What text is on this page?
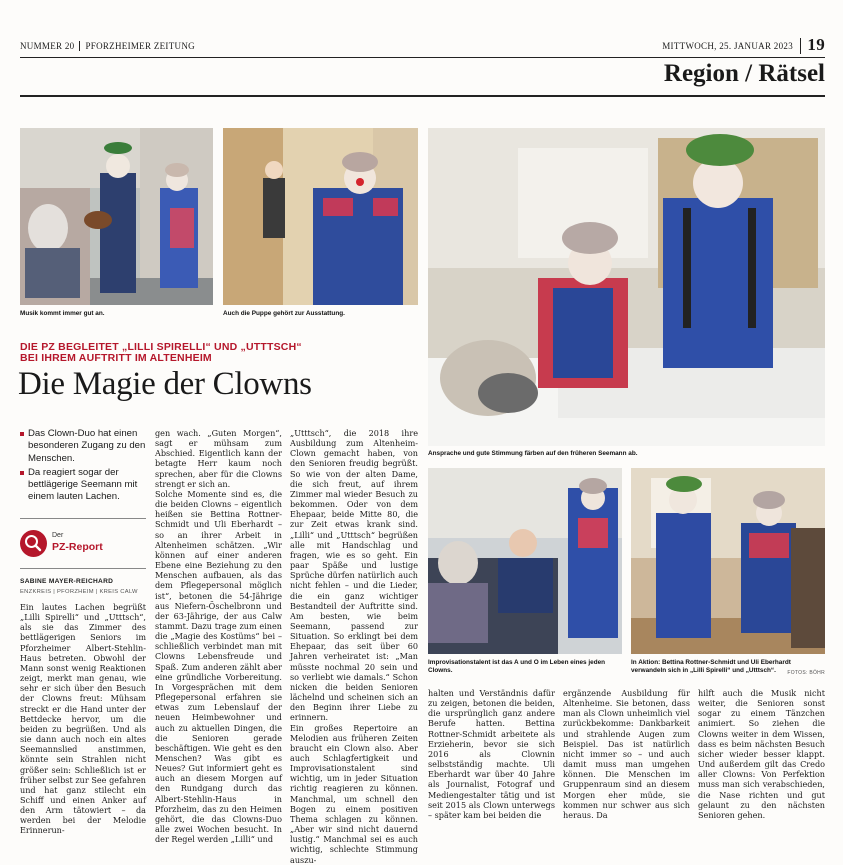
NUMMER 20 PFORZHEIMER ZEITUNG	MITTWOCH, 25. JANUAR 2023 19
Region / Rätsel
Musik kommt immer gut an.	Auch die Puppe gehört zur Ausstattung.
Ansprache und gute Stimmung färben auf den früheren Seemann ab.
Improvisationstalent ist das A und O im Leben eines jeden
Clowns.
In Aktion: Bettina Rottner-Schmidt und Uli Eberhardt
verwandeln sich in „Lilli Spirelli“ und „Utttsch“.	FOTOS: BÖHR
DIE PZ BEGLEITET „LILLI SPIRELLI“ UND „UTTTSCH“
BEI IHREM AUFTRITT IM ALTENHEIM
Die Magie der Clowns
Das Clown-Duo hat einen besonderen Zugang zu den Menschen.
Da reagiert sogar der bettlägerige Seemann mit einem lauten Lachen.
Der
PZ-Report
SABINE MAYER-REICHARD
ENZKREIS | PFORZHEIM | KREIS CALW
Ein lautes Lachen begrüßt „Lilli Spirelli“ und „Utttsch“, als sie das Zimmer des bettlägerigen Seniors im Pforzheimer Albert-Stehlin-Haus betreten. Obwohl der Mann sonst wenig Reaktionen zeigt, merkt man genau, wie sehr er sich über den Besuch der Clowns freut: Mühsam streckt er die Hand unter der Bettdecke hervor, um die beiden zu begrüßen. Und als sie dann auch noch ein altes Seemannslied anstimmen, könnte sein Strahlen nicht größer sein: Schließlich ist er früher selbst zur See gefahren und hat ganz stilecht ein Schiff und einen Anker auf den Arm tätowiert – da werden bei der Melodie Erinnerun-
gen wach. „Guten Morgen“, sagt er mühsam zum Abschied. Eigentlich kann der betagte Herr kaum noch sprechen, aber für die Clowns strengt er sich an.
Solche Momente sind es, die die beiden Clowns – eigentlich heißen sie Bettina Rottner-Schmidt und Uli Eberhardt – so an ihrer Arbeit in Altenheimen schätzen. „Wir können auf einer anderen Ebene eine Beziehung zu den Menschen aufbauen, als das dem Pflegepersonal möglich ist“, betonen die 54-Jährige aus Niefern-Öschelbronn und der 63-Jährige, der aus Calw stammt. Dazu trage zum einen die „Magie des Kostüms“ bei – schließlich verbindet man mit Clowns Lebensfreude und Spaß. Zum anderen zählt aber eine gründliche Vorbereitung. In Vorgesprächen mit dem Pflegepersonal erfahren sie etwas zum Lebenslauf der neuen Heimbewohner und auch zu aktuellen Dingen, die die Senioren gerade beschäftigen. Wie geht es den Menschen? Was gibt es Neues? Gut informiert geht es auch an diesem Morgen auf den Rundgang durch das Albert-Stehlin-Haus in Pforzheim, das zu den Heimen gehört, die das Clowns-Duo alle zwei Wochen besucht. In der Regel werden „Lilli“ und
„Utttsch“, die 2018 ihre Ausbildung zum Altenheim-Clown gemacht haben, von den Senioren freudig begrüßt. So wie von der alten Dame, die sich freut, auf ihrem Zimmer mal wieder Besuch zu bekommen. Oder von dem Ehepaar, beide Mitte 80, die zur Zeit etwas krank sind. „Lilli“ und „Utttsch“ begrüßen alle mit Handschlag und fragen, wie es so geht. Ein paar Späße und lustige Sprüche dürfen natürlich auch nicht fehlen – und die Lieder, die ein ganz wichtiger Bestandteil der Auftritte sind. Am besten, wie beim Seemann, passend zur Situation. So erklingt bei dem Ehepaar, das seit über 60 Jahren verheiratet ist: „Man müsste nochmal 20 sein und so verliebt wie damals.“ Schon nicken die beiden Senioren lächelnd und scheinen sich an den Beginn ihrer Liebe zu erinnern.
Ein großes Repertoire an Melodien aus früheren Zeiten braucht ein Clown also. Aber auch Schlagfertigkeit und Improvisationstalent sind wichtig, um in jeder Situation richtig reagieren zu können. Manchmal, um schnell den Bogen zu einem positiven Thema schlagen zu können. „Aber wir sind nicht dauernd lustig.“ Manchmal sei es auch wichtig, schlechte Stimmung auszu-
halten und Verständnis dafür zu zeigen, betonen die beiden, die ursprünglich ganz andere Berufe hatten. Bettina Rottner-Schmidt arbeitete als Erzieherin, bevor sie sich 2016 als Clownin selbstständig machte. Uli Eberhardt war über 40 Jahre als Journalist, Fotograf und Mediengestalter tätig und ist seit 2015 als Clown unterwegs – später kam bei beiden die
ergänzende Ausbildung für Altenheime. Sie betonen, dass man als Clown unheimlich viel zurückbekomme: Dankbarkeit und strahlende Augen zum Beispiel. Das ist natürlich nicht immer so – und auch damit muss man umgehen können. Die Menschen im Gruppenraum sind an diesem Morgen eher müde, sie kommen nur schwer aus sich heraus. Da
hilft auch die Musik nicht weiter, die Senioren sonst sogar zu einem Tänzchen animiert. So ziehen die Clowns weiter in dem Wissen, dass es beim nächsten Besuch sicher wieder besser klappt. Und außerdem gilt das Credo aller Clowns: Von Perfektion muss man sich verabschieden, die Nase richten und gut gelaunt zu den nächsten Senioren gehen.
